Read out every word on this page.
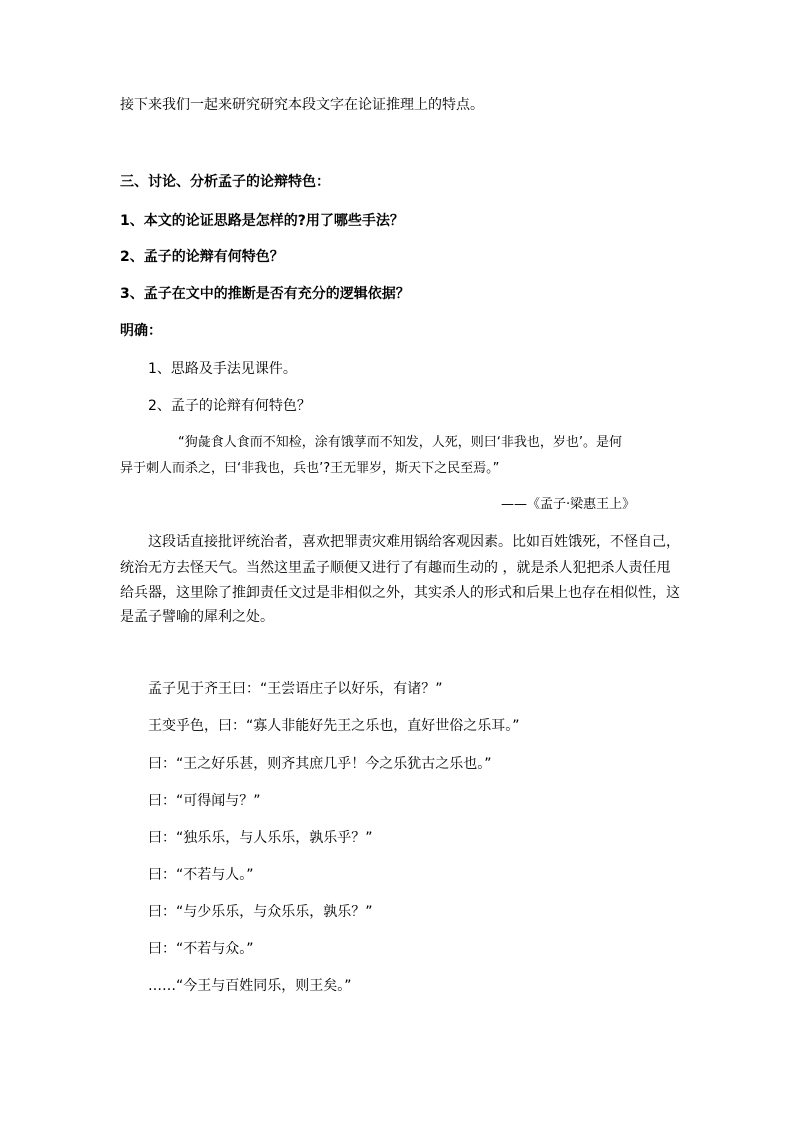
接下来我们一起来研究研究本段文字在论证推理上的特点。
三、讨论、分析孟子的论辩特色：
1、本文的论证思路是怎样的?用了哪些手法？
2、孟子的论辩有何特色？
3、孟子在文中的推断是否有充分的逻辑依据？
明确：
1、思路及手法见课件。
2、孟子的论辩有何特色？
“狗彘食人食而不知检，涂有饿莩而不知发，人死，则曰‘非我也，岁也’。是何
异于刺人而杀之，曰‘非我也，兵也’?王无罪岁，斯天下之民至焉。”
——《孟子·梁惠王上》
这段话直接批评统治者，喜欢把罪责灾难用锅给客观因素。比如百姓饿死，不怪自己，
统治无方去怪天气。当然这里孟子顺便又进行了有趣而生动的 ，就是杀人犯把杀人责任甩
给兵器，这里除了推卸责任文过是非相似之外，其实杀人的形式和后果上也存在相似性，这
是孟子譬喻的犀利之处。
孟子见于齐王曰：“王尝语庄子以好乐，有诸？”
王变乎色，曰：“寡人非能好先王之乐也，直好世俗之乐耳。”
曰：“王之好乐甚，则齐其庶几乎！今之乐犹古之乐也。”
曰：“可得闻与？”
曰：“独乐乐，与人乐乐，孰乐乎？”
曰：“不若与人。”
曰：“与少乐乐，与众乐乐，孰乐？”
曰：“不若与众。”
……“今王与百姓同乐，则王矣。”
